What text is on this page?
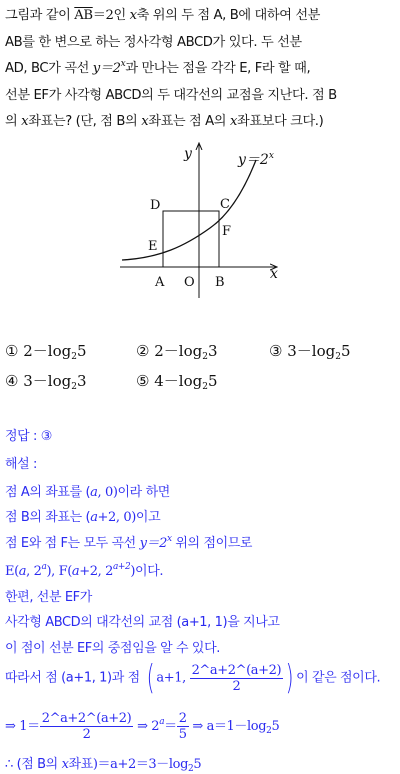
그림과 같이 $\overline{AB}=2$인 x축 위의 두 점 A, B에 대하여 선분

AB를 한 변으로 하는 정사각형 ABCD가 있다. 두 선분

AD, BC가 곡선 $y=2^x$과 만나는 점을 각각 E, F라 할 때,

선분 EF가 사각형 ABCD의 두 대각선의 교점을 지난다. 점 B

의 x좌표는? (단, 점 B의 x좌표는 점 A의 x좌표보다 크다.)

$y=2^x$
y
x
D	C
E
F
A O B
① $2-\log_25$	② $2-\log_23$	③ $3-\log_25$
④ $3-\log_23$	⑤ $4-\log_25$
정답 : ③
해설 :
점 A의 좌표를 (a, 0)이라 하면
점 B의 좌표는 (a+2, 0)이고
점 E와 점 F는 모두 곡선 $y=2^x$ 위의 점이므로
E(a, 2$^a$), F(a+2, $2^{a+2}$)이다.
한편, 선분 EF가
사각형 ABCD의 대각선의 교점 (a+1, 1)을 지나고
이 점이 선분 EF의 중점임을 알 수 있다.
따라서 점 (a+1, 1)과 점 ( a+1, $\frac{2\^{}a+2\^{}(a+2)}{2}$ ) 이 같은 점이다.
⇒ $1= \frac{2\^{}a+2\^{}(a+2)}{2}$ ⇒ $2^a= \frac{2}{5}$ ⇒ $a=1-\log_25$
∴ (점 B의 x좌표)$=a+2=3-\log_25$
